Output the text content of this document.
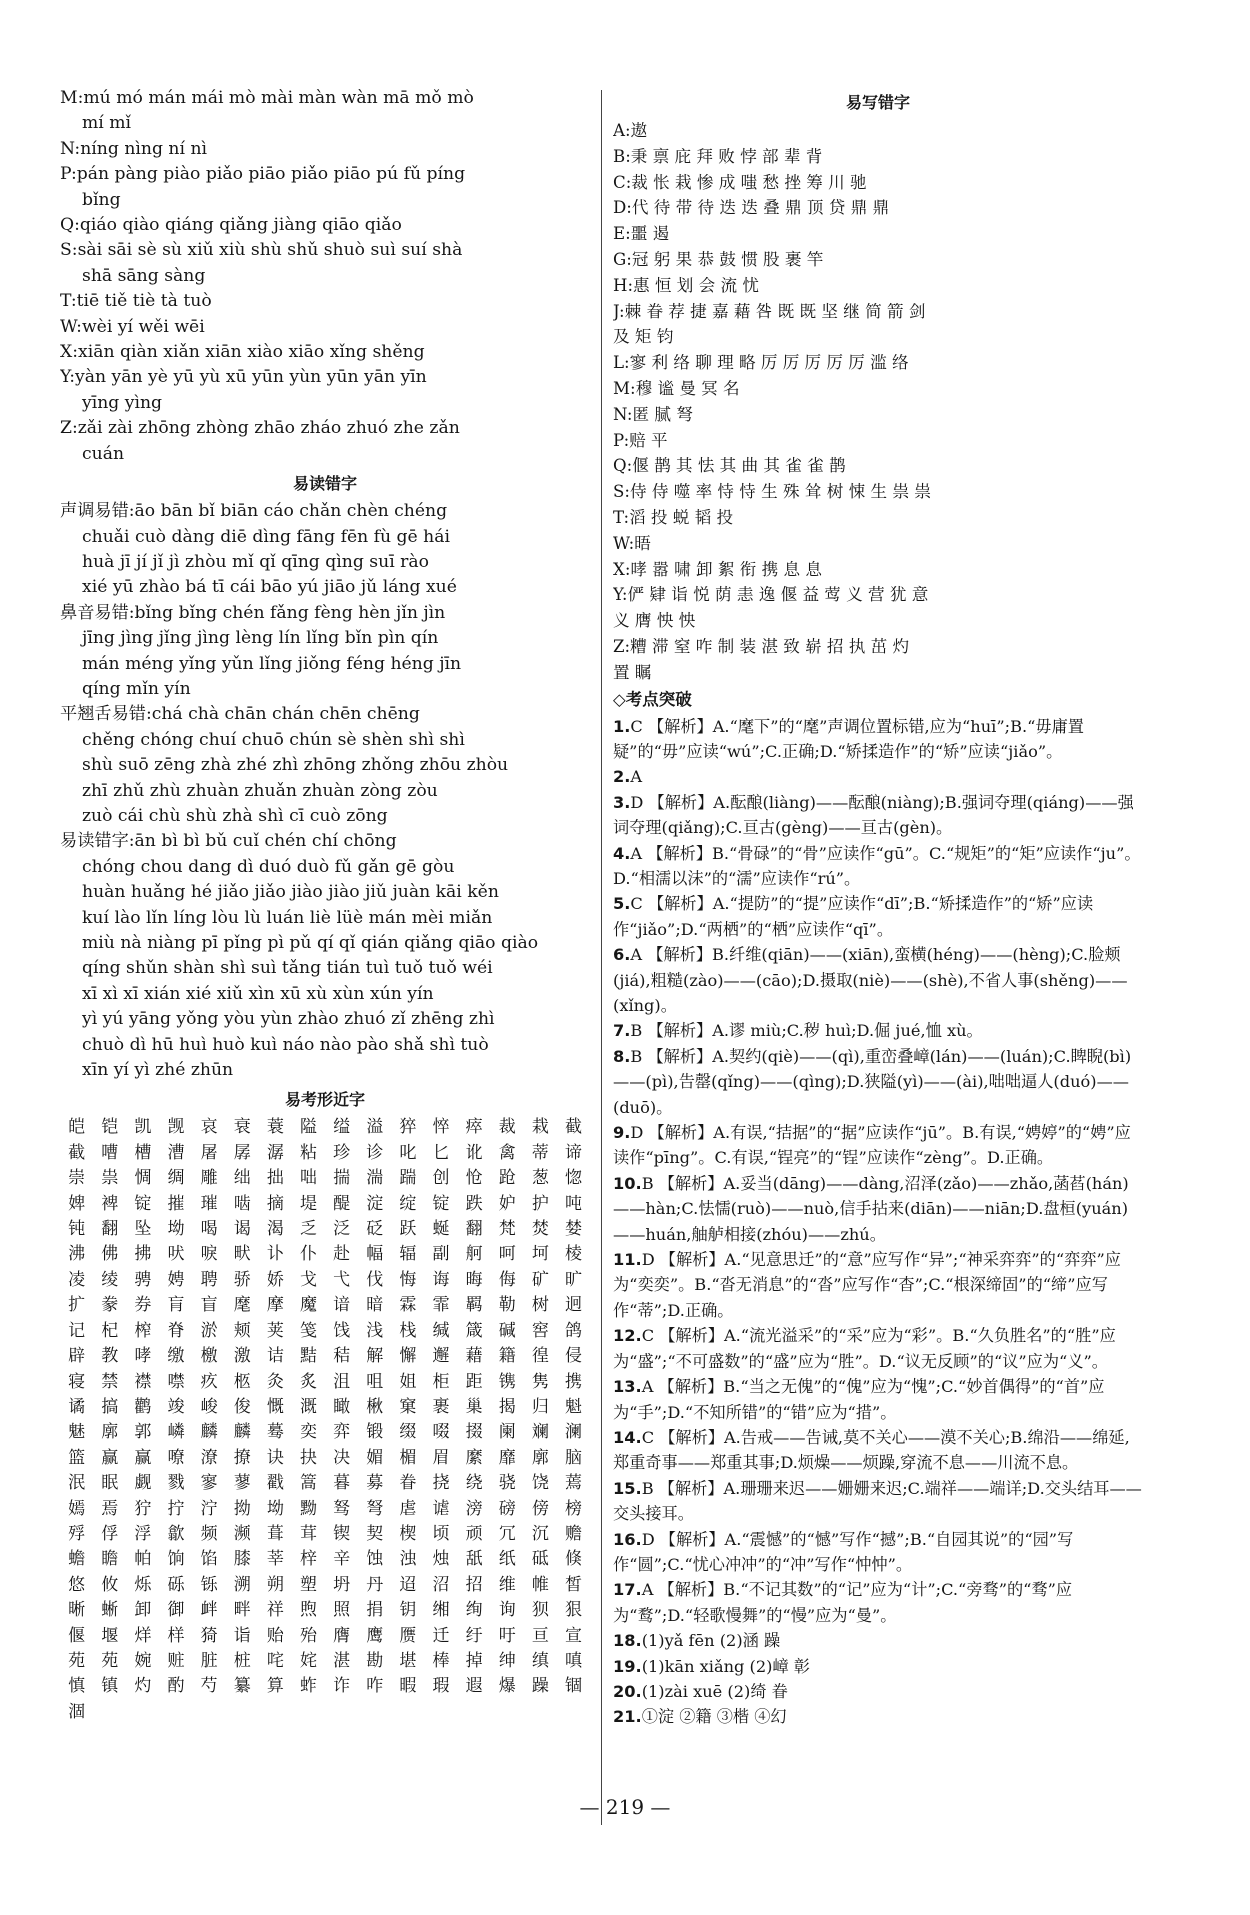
M:mú mó mán mái mò mài màn wàn mā mǒ mò
mí mǐ
N:níng nìng ní nì
P:pán pàng piào piǎo piāo piǎo piāo pú fǔ píng
bǐng
Q:qiáo qiào qiáng qiǎng jiàng qiāo qiǎo
S:sài sāi sè sù xiǔ xiù shù shǔ shuò suì suí shà
shā sāng sàng
T:tiē tiě tiè tà tuò
W:wèi yí wěi wēi
X:xiān qiàn xiǎn xiān xiào xiāo xǐng shěng
Y:yàn yān yè yū yù xū yūn yùn yūn yān yīn
yīng yìng
Z:zǎi zài zhōng zhòng zhāo zháo zhuó zhe zǎn
cuán
易读错字
声调易错:āo bān bǐ biān cáo chǎn chèn chéng
chuǎi cuò dàng diē dìng fāng fēn fù gē hái
huà jī jí jǐ jì zhòu mǐ qǐ qīng qìng suī rào
xié yū zhào bá tī cái bāo yú jiāo jǔ láng xué
鼻音易错:bǐng bǐng chén fǎng fèng hèn jǐn jìn
jīng jìng jǐng jìng lèng lín lǐng bǐn pìn qín
mán méng yǐng yǔn lǐng jiǒng féng héng jīn
qíng mǐn yín
平翘舌易错:chá chà chān chán chēn chēng
chěng chóng chuí chuō chún sè shèn shì shì
shù suō zēng zhà zhé zhì zhōng zhǒng zhōu zhòu
zhī zhǔ zhù zhuàn zhuǎn zhuàn zòng zòu
zuò cái chù shù zhà shì cī cuò zōng
易读错字:ān bì bì bǔ cuǐ chén chí chōng
chóng chou dang dì duó duò fǔ gǎn gē gòu
huàn huǎng hé jiǎo jiǎo jiào jiào jiǔ juàn kāi kěn
kuí lào lǐn líng lòu lù luán liè lüè mán mèi miǎn
miù nà niàng pī pǐng pì pǔ qí qǐ qián qiǎng qiāo qiào
qíng shǔn shàn shì suì tǎng tián tuì tuǒ tuǒ wéi
xī xì xī xián xié xiǔ xìn xū xù xùn xún yín
yì yú yāng yǒng yòu yùn zhào zhuó zǐ zhēng zhì
chuò dì hū huì huò kuì náo nào pào shǎ shì tuò
xīn yí yì zhé zhūn
易考形近字
皑 铠 凯 觊 哀 衰 蓑 隘 缢 溢 猝 悴 瘁 裁 栽 截
截 嘈 槽 漕 屠 孱 潺 粘 珍 诊 叱 匕 讹 禽 蒂 谛
崇 祟 惆 绸 雕 绌 拙 咄 揣 湍 踹 创 怆 跄 葱 惚
婢 裨 锭 摧 璀 啮 摘 堤 醍 淀 绽 锭 跌 妒 护 吨
钝 翻 坠 坳 喝 谒 渴 乏 泛 砭 跃 蜒 翻 梵 焚 婪
沸 佛 拂 吠 唳 畎 讣 仆 赴 幅 辐 副 舸 呵 坷 棱
凌 绫 骋 娉 聘 骄 娇 戈 弋 伐 悔 诲 晦 侮 矿 旷
扩 豢 券 肓 盲 麾 摩 魔 谙 暗 霖 霏 羁 勒 树 迥
记 杞 榨 脊 淤 颊 荚 笺 饯 浅 栈 缄 箴 碱 窖 鸽
辟 教 哮 缴 檄 激 诘 黠 秸 解 懈 邂 藉 籍 徨 侵
寝 禁 襟 噤 疚 柩 灸 炙 沮 咀 姐 柜 距 镌 隽 携
谲 搞 鹳 竣 峻 俊 慨 溉 瞰 楸 窠 裹 巢 揭 归 魁
魅 廓 郭 嶙 麟 麟 蓦 奕 弈 锻 缀 啜 掇 阑 斓 澜
篮 赢 赢 嘹 潦 撩 诀 抉 决 媚 楣 眉 縻 靡 廓 脑
泯 眠 觑 戮 寥 蓼 戳 篙 暮 募 眷 挠 绕 骁 饶 蔫
嫣 焉 狞 拧 泞 拗 坳 黝 驽 弩 虐 谑 滂 磅 傍 榜
殍 俘 浮 歙 频 濒 葺 茸 锲 契 楔 顷 顽 冗 沉 赡
蟾 瞻 帕 饷 馅 膝 莘 梓 辛 蚀 浊 烛 舐 纸 砥 倏
悠 攸 烁 砾 铄 溯 朔 塑 坍 丹 迢 沼 招 维 帷 皙
晰 蜥 卸 御 衅 畔 祥 煦 照 捐 钥 缃 绚 询 狈 狠
偃 堰 烊 样 猗 诣 贻 殆 膺 鹰 赝 迁 纡 吁 亘 宣
苑 苑 婉 赃 脏 桩 咤 姹 湛 勘 堪 棒 掉 绅 缜 嗔
慎 镇 灼 酌 芍 纂 算 蚱 诈 咋 暇 瑕 遐 爆 躁 锢
涸
易写错字
A:遨
B:秉 禀 庇 拜 败 悖 部 辈 背
C:裁 怅 栽 惨 成 嗤 愁 挫 筹 川 驰
D:代 待 带 待 迭 迭 叠 鼎 顶 贷 鼎 鼎
E:噩 遏
G:冠 躬 果 恭 鼓 惯 股 裹 竿
H:惠 恒 划 会 流 忧
J:棘 眷 荐 捷 嘉 藉 咎 既 既 坚 继 简 箭 剑
及 矩 钧
L:寥 利 络 聊 理 略 厉 厉 厉 厉 厉 滥 络
M:穆 谧 曼 冥 名
N:匿 腻 弩
P:赔 平
Q:偃 鹊 其 怯 其 曲 其 雀 雀 鹊
S:侍 侍 噬 率 恃 恃 生 殊 耸 树 悚 生 祟 祟
T:滔 投 蜕 韬 投
W:晤
X:哮 嚣 啸 卸 絮 衔 携 息 息
Y:俨 肄 诣 悦 荫 恚 逸 偃 益 莺 义 营 犹 意
义 膺 怏 怏
Z:糟 滞 窒 咋 制 装 湛 致 崭 招 执 茁 灼
置 瞩
◇考点突破
1.C 【解析】A.“麾下”的“麾”声调位置标错,应为“huī”;B.“毋庸置疑”的“毋”应读“wú”;C.正确;D.“矫揉造作”的“矫”应读“jiǎo”。
2.A
3.D 【解析】A.酝酿(liàng)——酝酿(niàng);B.强词夺理(qiáng)——强词夺理(qiǎng);C.亘古(gèng)——亘古(gèn)。
4.A 【解析】B.“骨碌”的“骨”应读作“gū”。C.“规矩”的“矩”应读作“ju”。D.“相濡以沫”的“濡”应读作“rú”。
5.C 【解析】A.“提防”的“提”应读作“dī”;B.“矫揉造作”的“矫”应读作“jiǎo”;D.“两栖”的“栖”应读作“qī”。
6.A 【解析】B.纤维(qiān)——(xiān),蛮横(héng)——(hèng);C.脸颊(jiá),粗糙(zào)——(cāo);D.摄取(niè)——(shè),不省人事(shěng)——(xǐng)。
7.B 【解析】A.谬 miù;C.秽 huì;D.倔 jué,恤 xù。
8.B 【解析】A.契约(qiè)——(qì),重峦叠嶂(lán)——(luán);C.睥睨(bì)——(pì),告罄(qǐng)——(qìng);D.狭隘(yì)——(ài),咄咄逼人(duó)——(duō)。
9.D 【解析】A.有误,“拮据”的“据”应读作“jū”。B.有误,“娉婷”的“娉”应读作“pīng”。C.有误,“锃亮”的“锃”应读作“zèng”。D.正确。
10.B 【解析】A.妥当(dāng)——dàng,沼泽(zǎo)——zhǎo,菡萏(hán)——hàn;C.怯懦(ruò)——nuò,信手拈来(diān)——niān;D.盘桓(yuán)——huán,舳舻相接(zhóu)——zhú。
11.D 【解析】A.“见意思迁”的“意”应写作“异”;“神采弈弈”的“弈弈”应为“奕奕”。B.“沓无消息”的“沓”应写作“杳”;C.“根深缔固”的“缔”应写作“蒂”;D.正确。
12.C 【解析】A.“流光溢采”的“采”应为“彩”。B.“久负胜名”的“胜”应为“盛”;“不可盛数”的“盛”应为“胜”。D.“议无反顾”的“议”应为“义”。
13.A 【解析】B.“当之无傀”的“傀”应为“愧”;C.“妙首偶得”的“首”应为“手”;D.“不知所错”的“错”应为“措”。
14.C 【解析】A.告戒——告诫,莫不关心——漠不关心;B.绵沿——绵延,郑重奇事——郑重其事;D.烦燥——烦躁,穿流不息——川流不息。
15.B 【解析】A.珊珊来迟——姗姗来迟;C.端祥——端详;D.交头结耳——交头接耳。
16.D 【解析】A.“震憾”的“憾”写作“撼”;B.“自园其说”的“园”写作“圆”;C.“忧心冲冲”的“冲”写作“忡忡”。
17.A 【解析】B.“不记其数”的“记”应为“计”;C.“旁骛”的“骛”应为“鹜”;D.“轻歌慢舞”的“慢”应为“曼”。
18.(1)yǎ fēn (2)涵 躁
19.(1)kān xiǎng (2)嶂 彰
20.(1)zài xuē (2)绮 眷
21.①淀 ②籍 ③楷 ④幻
— 219 —
